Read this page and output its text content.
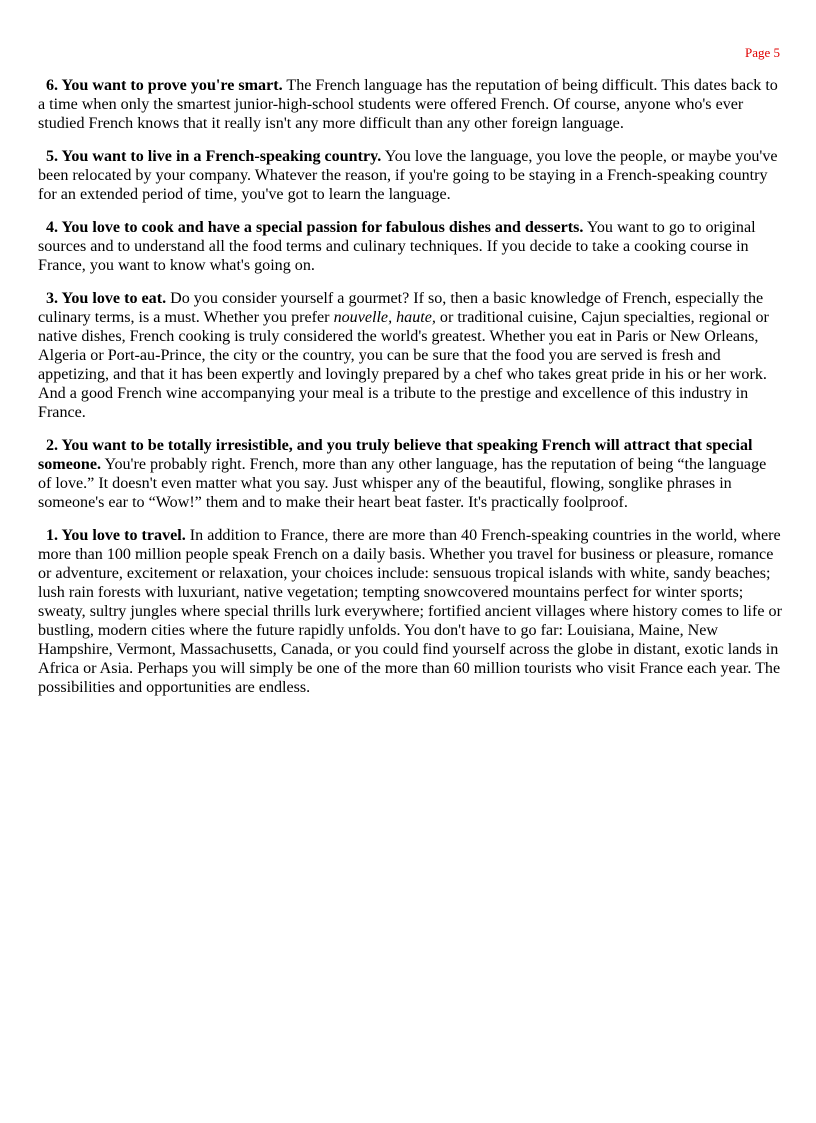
Page 5

6. You want to prove you're smart. The French language has the reputation of being difficult. This dates back to a time when only the smartest junior-high-school students were offered French. Of course, anyone who's ever studied French knows that it really isn't any more difficult than any other foreign language.

5. You want to live in a French-speaking country. You love the language, you love the people, or maybe you've been relocated by your company. Whatever the reason, if you're going to be staying in a French-speaking country for an extended period of time, you've got to learn the language.

4. You love to cook and have a special passion for fabulous dishes and desserts. You want to go to original sources and to understand all the food terms and culinary techniques. If you decide to take a cooking course in France, you want to know what's going on.

3. You love to eat. Do you consider yourself a gourmet? If so, then a basic knowledge of French, especially the culinary terms, is a must. Whether you prefer nouvelle, haute, or traditional cuisine, Cajun specialties, regional or native dishes, French cooking is truly considered the world's greatest. Whether you eat in Paris or New Orleans, Algeria or Port-au-Prince, the city or the country, you can be sure that the food you are served is fresh and appetizing, and that it has been expertly and lovingly prepared by a chef who takes great pride in his or her work. And a good French wine accompanying your meal is a tribute to the prestige and excellence of this industry in France.

2. You want to be totally irresistible, and you truly believe that speaking French will attract that special someone. You're probably right. French, more than any other language, has the reputation of being “the language of love.” It doesn't even matter what you say. Just whisper any of the beautiful, flowing, songlike phrases in someone's ear to “Wow!” them and to make their heart beat faster. It's practically foolproof.

1. You love to travel. In addition to France, there are more than 40 French-speaking countries in the world, where more than 100 million people speak French on a daily basis. Whether you travel for business or pleasure, romance or adventure, excitement or relaxation, your choices include: sensuous tropical islands with white, sandy beaches; lush rain forests with luxuriant, native vegetation; tempting snowcovered mountains perfect for winter sports; sweaty, sultry jungles where special thrills lurk everywhere; fortified ancient villages where history comes to life or bustling, modern cities where the future rapidly unfolds. You don't have to go far: Louisiana, Maine, New Hampshire, Vermont, Massachusetts, Canada, or you could find yourself across the globe in distant, exotic lands in Africa or Asia. Perhaps you will simply be one of the more than 60 million tourists who visit France each year. The possibilities and opportunities are endless.
